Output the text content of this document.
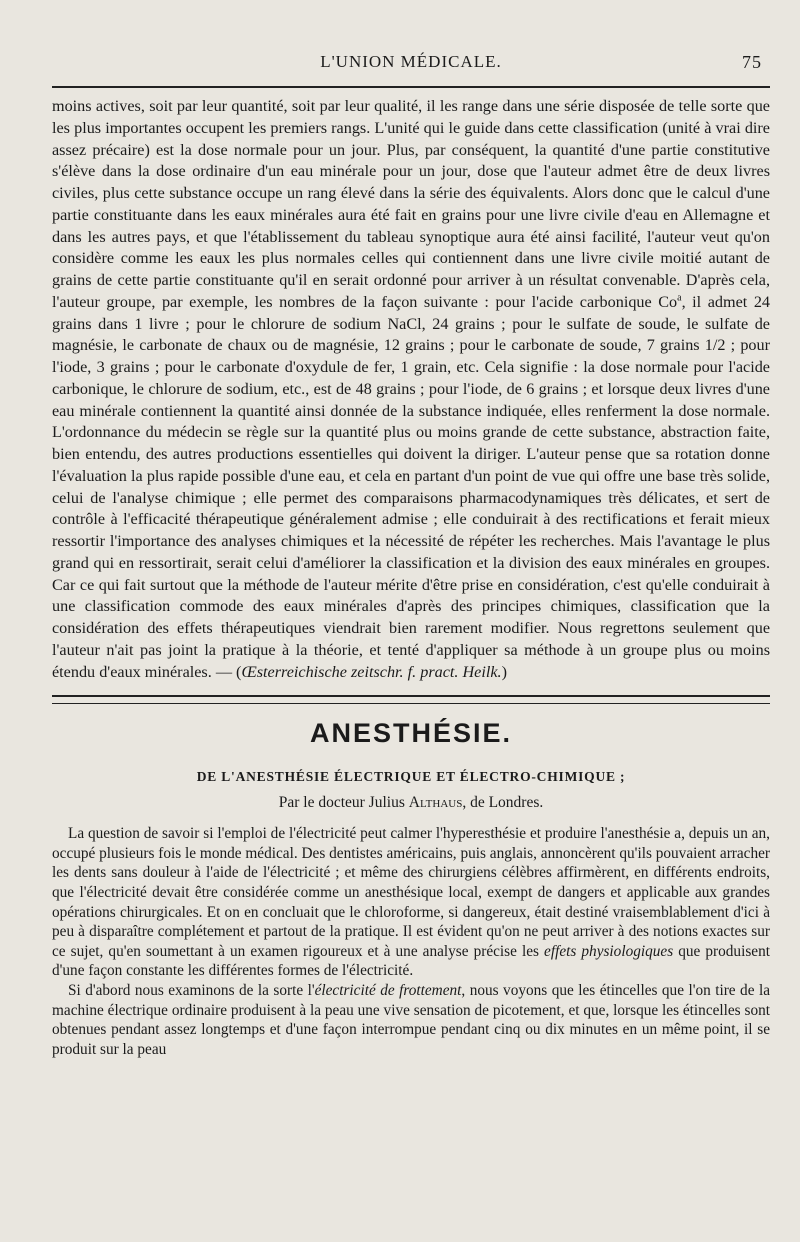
L'UNION MÉDICALE.	75

moins actives, soit par leur quantité, soit par leur qualité, il les range dans une série disposée de telle sorte que les plus importantes occupent les premiers rangs. L'unité qui le guide dans cette classification (unité à vrai dire assez précaire) est la dose normale pour un jour. Plus, par conséquent, la quantité d'une partie constitutive s'élève dans la dose ordinaire d'un eau minérale pour un jour, dose que l'auteur admet être de deux livres civiles, plus cette substance occupe un rang élevé dans la série des équivalents. Alors donc que le calcul d'une partie constituante dans les eaux minérales aura été fait en grains pour une livre civile d'eau en Allemagne et dans les autres pays, et que l'établissement du tableau synoptique aura été ainsi facilité, l'auteur veut qu'on considère comme les eaux les plus normales celles qui contiennent dans une livre civile moitié autant de grains de cette partie constituante qu'il en serait ordonné pour arriver à un résultat convenable. D'après cela, l'auteur groupe, par exemple, les nombres de la façon suivante : pour l'acide carbonique Co$^a$, il admet 24 grains dans 1 livre ; pour le chlorure de sodium NaCl, 24 grains ; pour le sulfate de soude, le sulfate de magnésie, le carbonate de chaux ou de magnésie, 12 grains ; pour le carbonate de soude, 7 grains 1/2 ; pour l'iode, 3 grains ; pour le carbonate d'oxydule de fer, 1 grain, etc. Cela signifie : la dose normale pour l'acide carbonique, le chlorure de sodium, etc., est de 48 grains ; pour l'iode, de 6 grains ; et lorsque deux livres d'une eau minérale contiennent la quantité ainsi donnée de la substance indiquée, elles renferment la dose normale. L'ordonnance du médecin se règle sur la quantité plus ou moins grande de cette substance, abstraction faite, bien entendu, des autres productions essentielles qui doivent la diriger. L'auteur pense que sa rotation donne l'évaluation la plus rapide possible d'une eau, et cela en partant d'un point de vue qui offre une base très solide, celui de l'analyse chimique ; elle permet des comparaisons pharmacodynamiques très délicates, et sert de contrôle à l'efficacité thérapeutique généralement admise ; elle conduirait à des rectifications et ferait mieux ressortir l'importance des analyses chimiques et la nécessité de répéter les recherches. Mais l'avantage le plus grand qui en ressortirait, serait celui d'améliorer la classification et la division des eaux minérales en groupes. Car ce qui fait surtout que la méthode de l'auteur mérite d'être prise en considération, c'est qu'elle conduirait à une classification commode des eaux minérales d'après des principes chimiques, classification que la considération des effets thérapeutiques viendrait bien rarement modifier. Nous regrettons seulement que l'auteur n'ait pas joint la pratique à la théorie, et tenté d'appliquer sa méthode à un groupe plus ou moins étendu d'eaux minérales. — (Œsterreichische zeitschr. f. pract. Heilk.)

ANESTHÉSIE.
DE L'ANESTHÉSIE ÉLECTRIQUE ET ÉLECTRO-CHIMIQUE ;
Par le docteur Julius Althaus, de Londres.

La question de savoir si l'emploi de l'électricité peut calmer l'hyperesthésie et produire l'anesthésie a, depuis un an, occupé plusieurs fois le monde médical. Des dentistes américains, puis anglais, annoncèrent qu'ils pouvaient arracher les dents sans douleur à l'aide de l'électricité ; et même des chirurgiens célèbres affirmèrent, en différents endroits, que l'électricité devait être considérée comme un anesthésique local, exempt de dangers et applicable aux grandes opérations chirurgicales. Et on en concluait que le chloroforme, si dangereux, était destiné vraisemblablement d'ici à peu à disparaître complétement et partout de la pratique. Il est évident qu'on ne peut arriver à des notions exactes sur ce sujet, qu'en soumettant à un examen rigoureux et à une analyse précise les effets physiologiques que produisent d'une façon constante les différentes formes de l'électricité.

Si d'abord nous examinons de la sorte l'électricité de frottement, nous voyons que les étincelles que l'on tire de la machine électrique ordinaire produisent à la peau une vive sensation de picotement, et que, lorsque les étincelles sont obtenues pendant assez longtemps et d'une façon interrompue pendant cinq ou dix minutes en un même point, il se produit sur la peau
